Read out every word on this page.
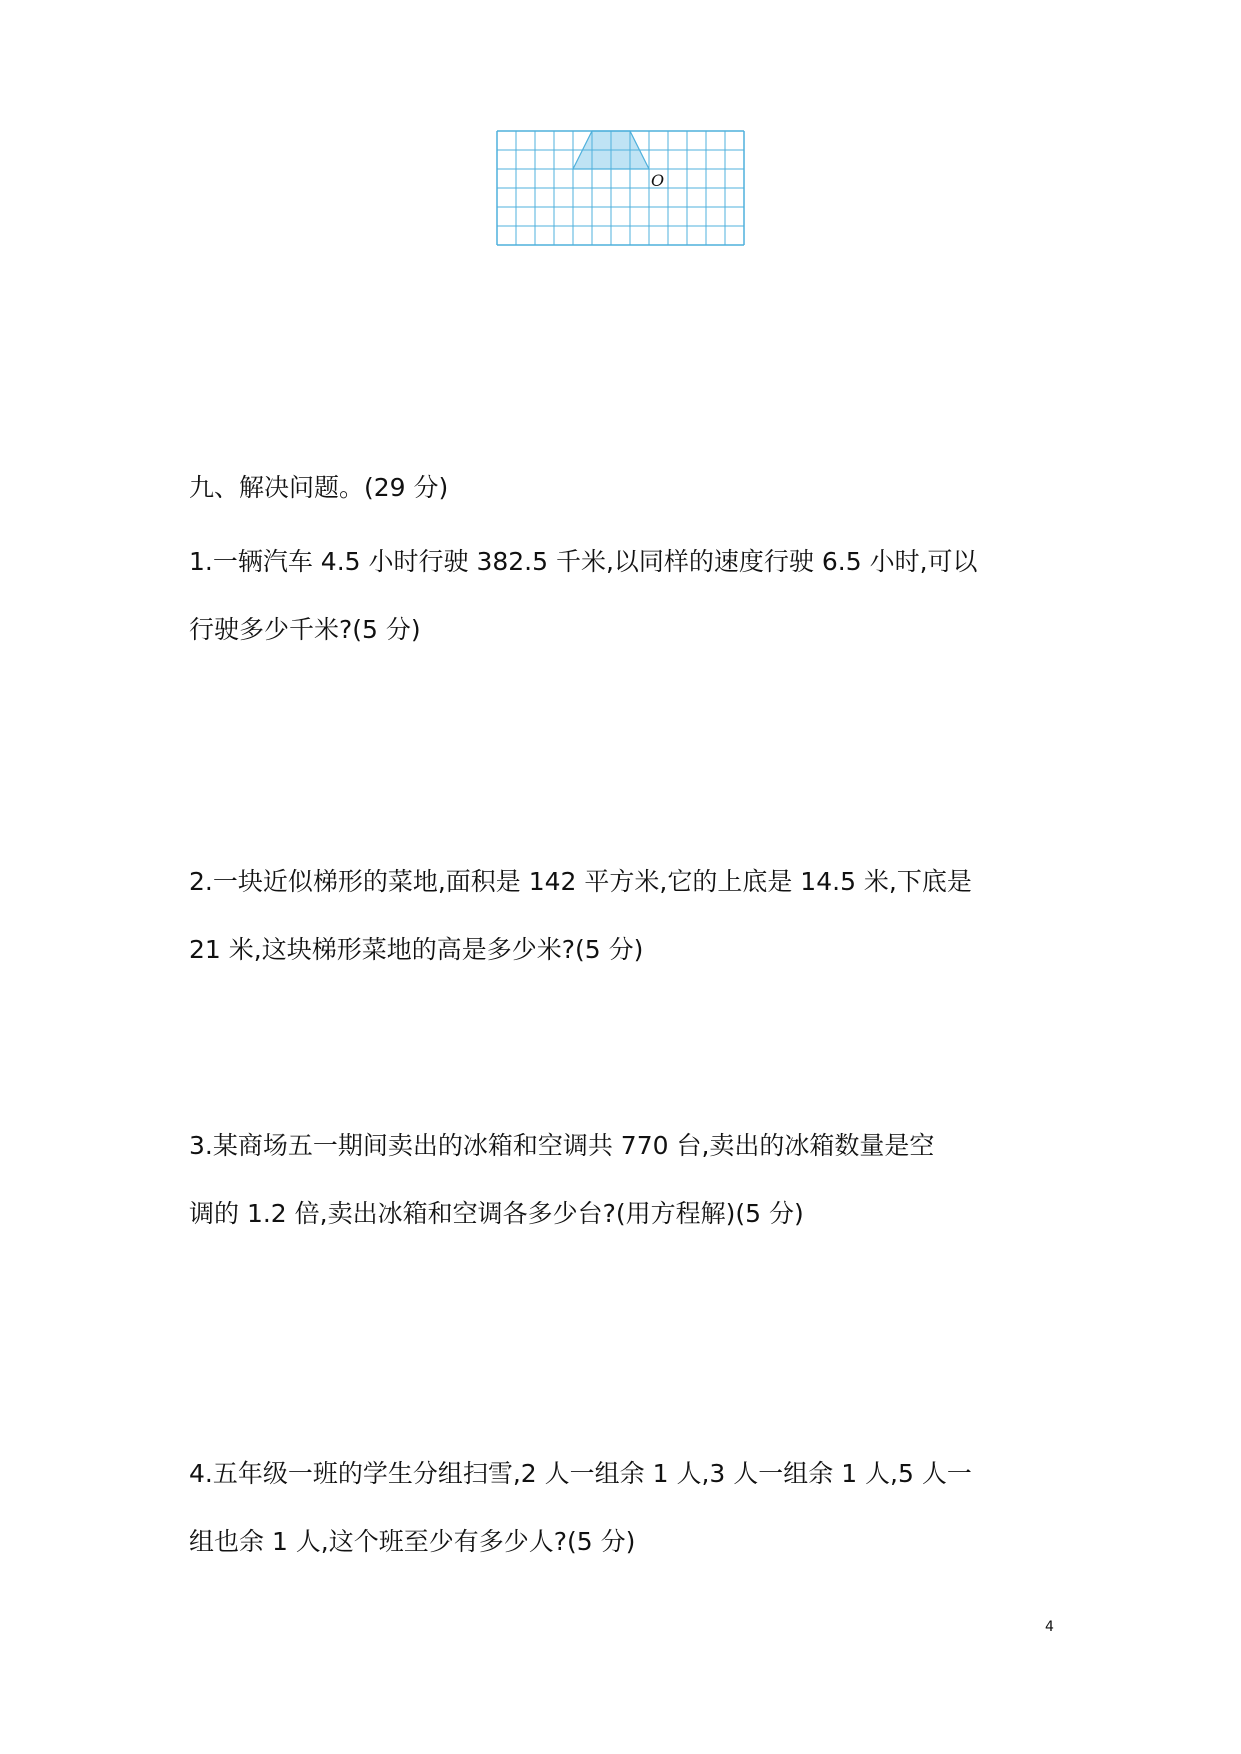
O
九、解决问题。(29 分)
1.一辆汽车 4.5 小时行驶 382.5 千米,以同样的速度行驶 6.5 小时,可以
行驶多少千米?(5 分)
2.一块近似梯形的菜地,面积是 142 平方米,它的上底是 14.5 米,下底是
21 米,这块梯形菜地的高是多少米?(5 分)
3.某商场五一期间卖出的冰箱和空调共 770 台,卖出的冰箱数量是空
调的 1.2 倍,卖出冰箱和空调各多少台?(用方程解)(5 分)
4.五年级一班的学生分组扫雪,2 人一组余 1 人,3 人一组余 1 人,5 人一
组也余 1 人,这个班至少有多少人?(5 分)
4
